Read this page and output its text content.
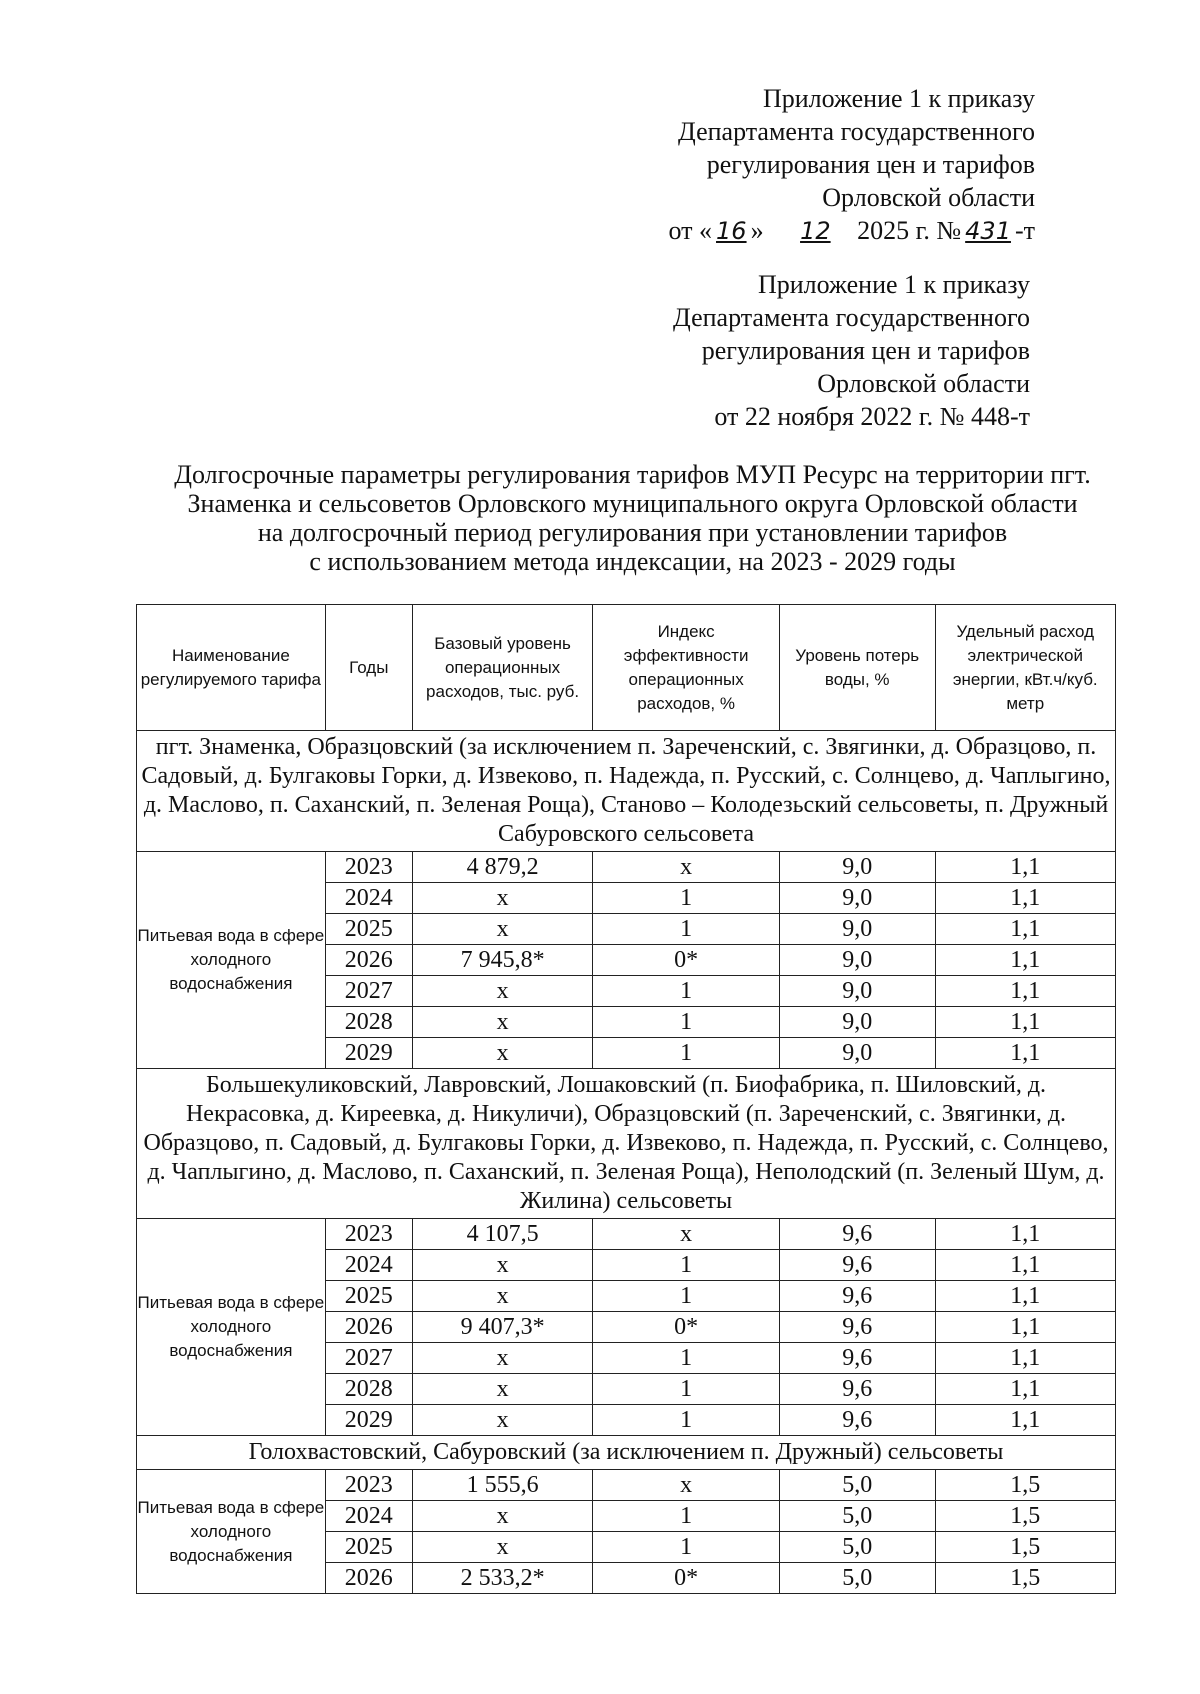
Приложение 1 к приказу
Департамента государственного
регулирования цен и тарифов
Орловской области
от « 16 » 12 2025 г. № 431 -т
Приложение 1 к приказу
Департамента государственного
регулирования цен и тарифов
Орловской области
от 22 ноября 2022 г. № 448-т
Долгосрочные параметры регулирования тарифов МУП Ресурс на территории пгт.
Знаменка и сельсоветов Орловского муниципального округа Орловской области
на долгосрочный период регулирования при установлении тарифов
с использованием метода индексации, на 2023 - 2029 годы
Наименование регулируемого тарифа	Годы	Базовый уровень операционных расходов, тыс. руб.	Индекс эффективности операционных расходов, %	Уровень потерь воды, %	Удельный расход электрической энергии, кВт.ч/куб. метр
пгт. Знаменка, Образцовский (за исключением п. Зареченский, с. Звягинки, д. Образцово, п. Садовый, д. Булгаковы Горки, д. Извеково, п. Надежда, п. Русский, с. Солнцево, д. Чаплыгино, д. Маслово, п. Саханский, п. Зеленая Роща), Станово – Колодезьский сельсоветы, п. Дружный Сабуровского сельсовета					
Питьевая вода в сфере холодного водоснабжения	2023	4 879,2	x	9,0	1,1
	2024	x	1	9,0	1,1
	2025	x	1	9,0	1,1
	2026	7 945,8*	0*	9,0	1,1
	2027	x	1	9,0	1,1
	2028	x	1	9,0	1,1
	2029	x	1	9,0	1,1
Большекуликовский, Лавровский, Лошаковский (п. Биофабрика, п. Шиловский, д. Некрасовка, д. Киреевка, д. Никуличи), Образцовский (п. Зареченский, с. Звягинки, д. Образцово, п. Садовый, д. Булгаковы Горки, д. Извеково, п. Надежда, п. Русский, с. Солнцево, д. Чаплыгино, д. Маслово, п. Саханский, п. Зеленая Роща), Неполодский (п. Зеленый Шум, д. Жилина) сельсоветы					
Питьевая вода в сфере холодного водоснабжения	2023	4 107,5	x	9,6	1,1
	2024	x	1	9,6	1,1
	2025	x	1	9,6	1,1
	2026	9 407,3*	0*	9,6	1,1
	2027	x	1	9,6	1,1
	2028	x	1	9,6	1,1
	2029	x	1	9,6	1,1
Голохвастовский, Сабуровский (за исключением п. Дружный) сельсоветы					
Питьевая вода в сфере холодного водоснабжения	2023	1 555,6	x	5,0	1,5
	2024	x	1	5,0	1,5
	2025	x	1	5,0	1,5
	2026	2 533,2*	0*	5,0	1,5
